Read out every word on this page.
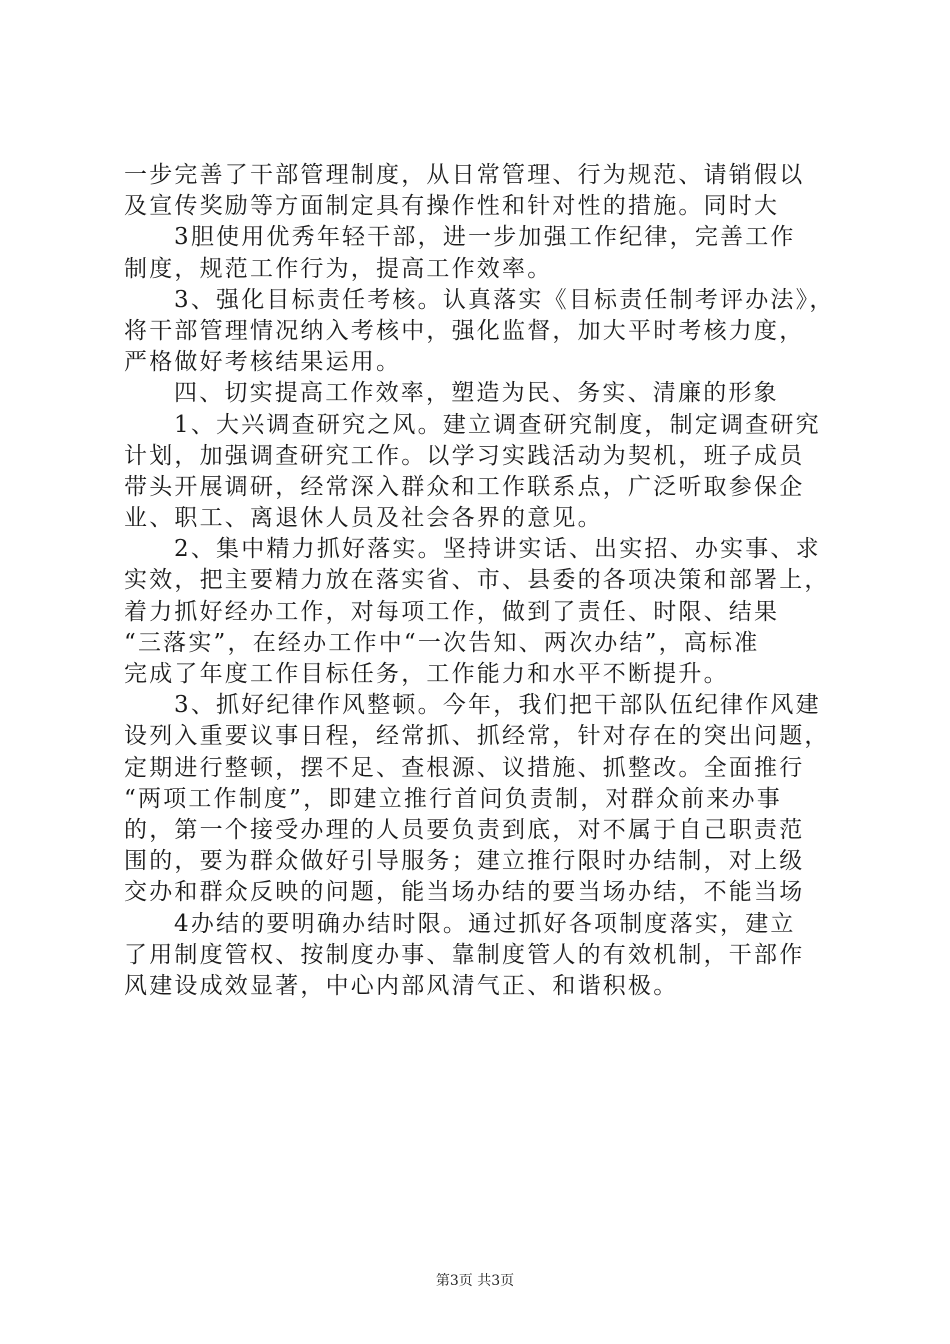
一步完善了干部管理制度，从日常管理、行为规范、请销假以
及宣传奖励等方面制定具有操作性和针对性的措施。同时大
3胆使用优秀年轻干部，进一步加强工作纪律，完善工作
制度，规范工作行为，提高工作效率。
3、强化目标责任考核。认真落实《目标责任制考评办法》，
将干部管理情况纳入考核中，强化监督，加大平时考核力度，
严格做好考核结果运用。
四、切实提高工作效率，塑造为民、务实、清廉的形象
1、大兴调查研究之风。建立调查研究制度，制定调查研究
计划，加强调查研究工作。以学习实践活动为契机，班子成员
带头开展调研，经常深入群众和工作联系点，广泛听取参保企
业、职工、离退休人员及社会各界的意见。
2、集中精力抓好落实。坚持讲实话、出实招、办实事、求
实效，把主要精力放在落实省、市、县委的各项决策和部署上，
着力抓好经办工作，对每项工作，做到了责任、时限、结果
“三落实”，在经办工作中“一次告知、两次办结”，高标准
完成了年度工作目标任务，工作能力和水平不断提升。
3、抓好纪律作风整顿。今年，我们把干部队伍纪律作风建
设列入重要议事日程，经常抓、抓经常，针对存在的突出问题，
定期进行整顿，摆不足、查根源、议措施、抓整改。全面推行
“两项工作制度”，即建立推行首问负责制，对群众前来办事
的，第一个接受办理的人员要负责到底，对不属于自己职责范
围的，要为群众做好引导服务；建立推行限时办结制，对上级
交办和群众反映的问题，能当场办结的要当场办结，不能当场
4办结的要明确办结时限。通过抓好各项制度落实，建立
了用制度管权、按制度办事、靠制度管人的有效机制，干部作
风建设成效显著，中心内部风清气正、和谐积极。
第3页 共3页
